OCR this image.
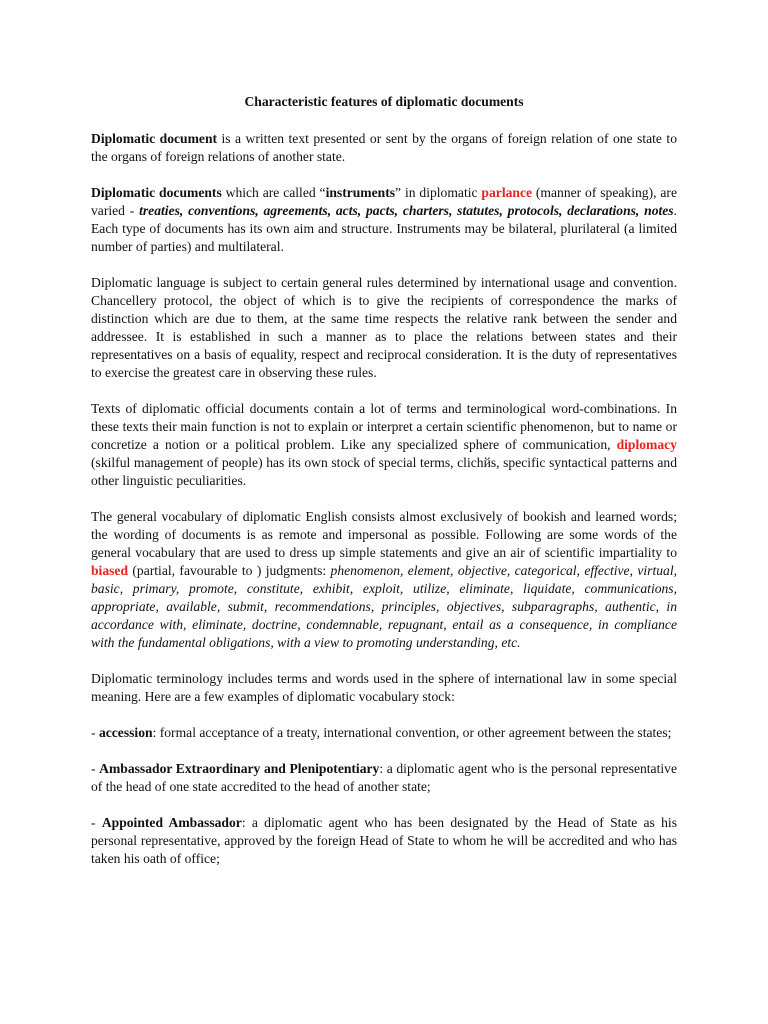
Characteristic features of diplomatic documents

Diplomatic document is a written text presented or sent by the organs of foreign relation of one state to the organs of foreign relations of another state.

Diplomatic documents which are called “instruments” in diplomatic parlance (manner of speaking), are varied - treaties, conventions, agreements, acts, pacts, charters, statutes, protocols, declarations, notes. Each type of documents has its own aim and structure. Instruments may be bilateral, plurilateral (a limited number of parties) and multilateral.

Diplomatic language is subject to certain general rules determined by international usage and convention. Chancellery protocol, the object of which is to give the recipients of correspondence the marks of distinction which are due to them, at the same time respects the relative rank between the sender and addressee. It is established in such a manner as to place the relations between states and their representatives on a basis of equality, respect and reciprocal consideration. It is the duty of representatives to exercise the greatest care in observing these rules.

Texts of diplomatic official documents contain a lot of terms and terminological word-combinations. In these texts their main function is not to explain or interpret a certain scientific phenomenon, but to name or concretize a notion or a political problem. Like any specialized sphere of communication, diplomacy (skilful management of people) has its own stock of special terms, clichйs, specific syntactical patterns and other linguistic peculiarities.

The general vocabulary of diplomatic English consists almost exclusively of bookish and learned words; the wording of documents is as remote and impersonal as possible. Following are some words of the general vocabulary that are used to dress up simple statements and give an air of scientific impartiality to biased (partial, favourable to ) judgments: phenomenon, element, objective, categorical, effective, virtual, basic, primary, promote, constitute, exhibit, exploit, utilize, eliminate, liquidate, communications, appropriate, available, submit, recommendations, principles, objectives, subparagraphs, authentic, in accordance with, eliminate, doctrine, condemnable, repugnant, entail as a consequence, in compliance with the fundamental obligations, with a view to promoting understanding, etc.

Diplomatic terminology includes terms and words used in the sphere of international law in some special meaning. Here are a few examples of diplomatic vocabulary stock:

- accession: formal acceptance of a treaty, international convention, or other agreement between the states;

- Ambassador Extraordinary and Plenipotentiary: a diplomatic agent who is the personal representative of the head of one state accredited to the head of another state;

- Appointed Ambassador: a diplomatic agent who has been designated by the Head of State as his personal representative, approved by the foreign Head of State to whom he will be accredited and who has taken his oath of office;
